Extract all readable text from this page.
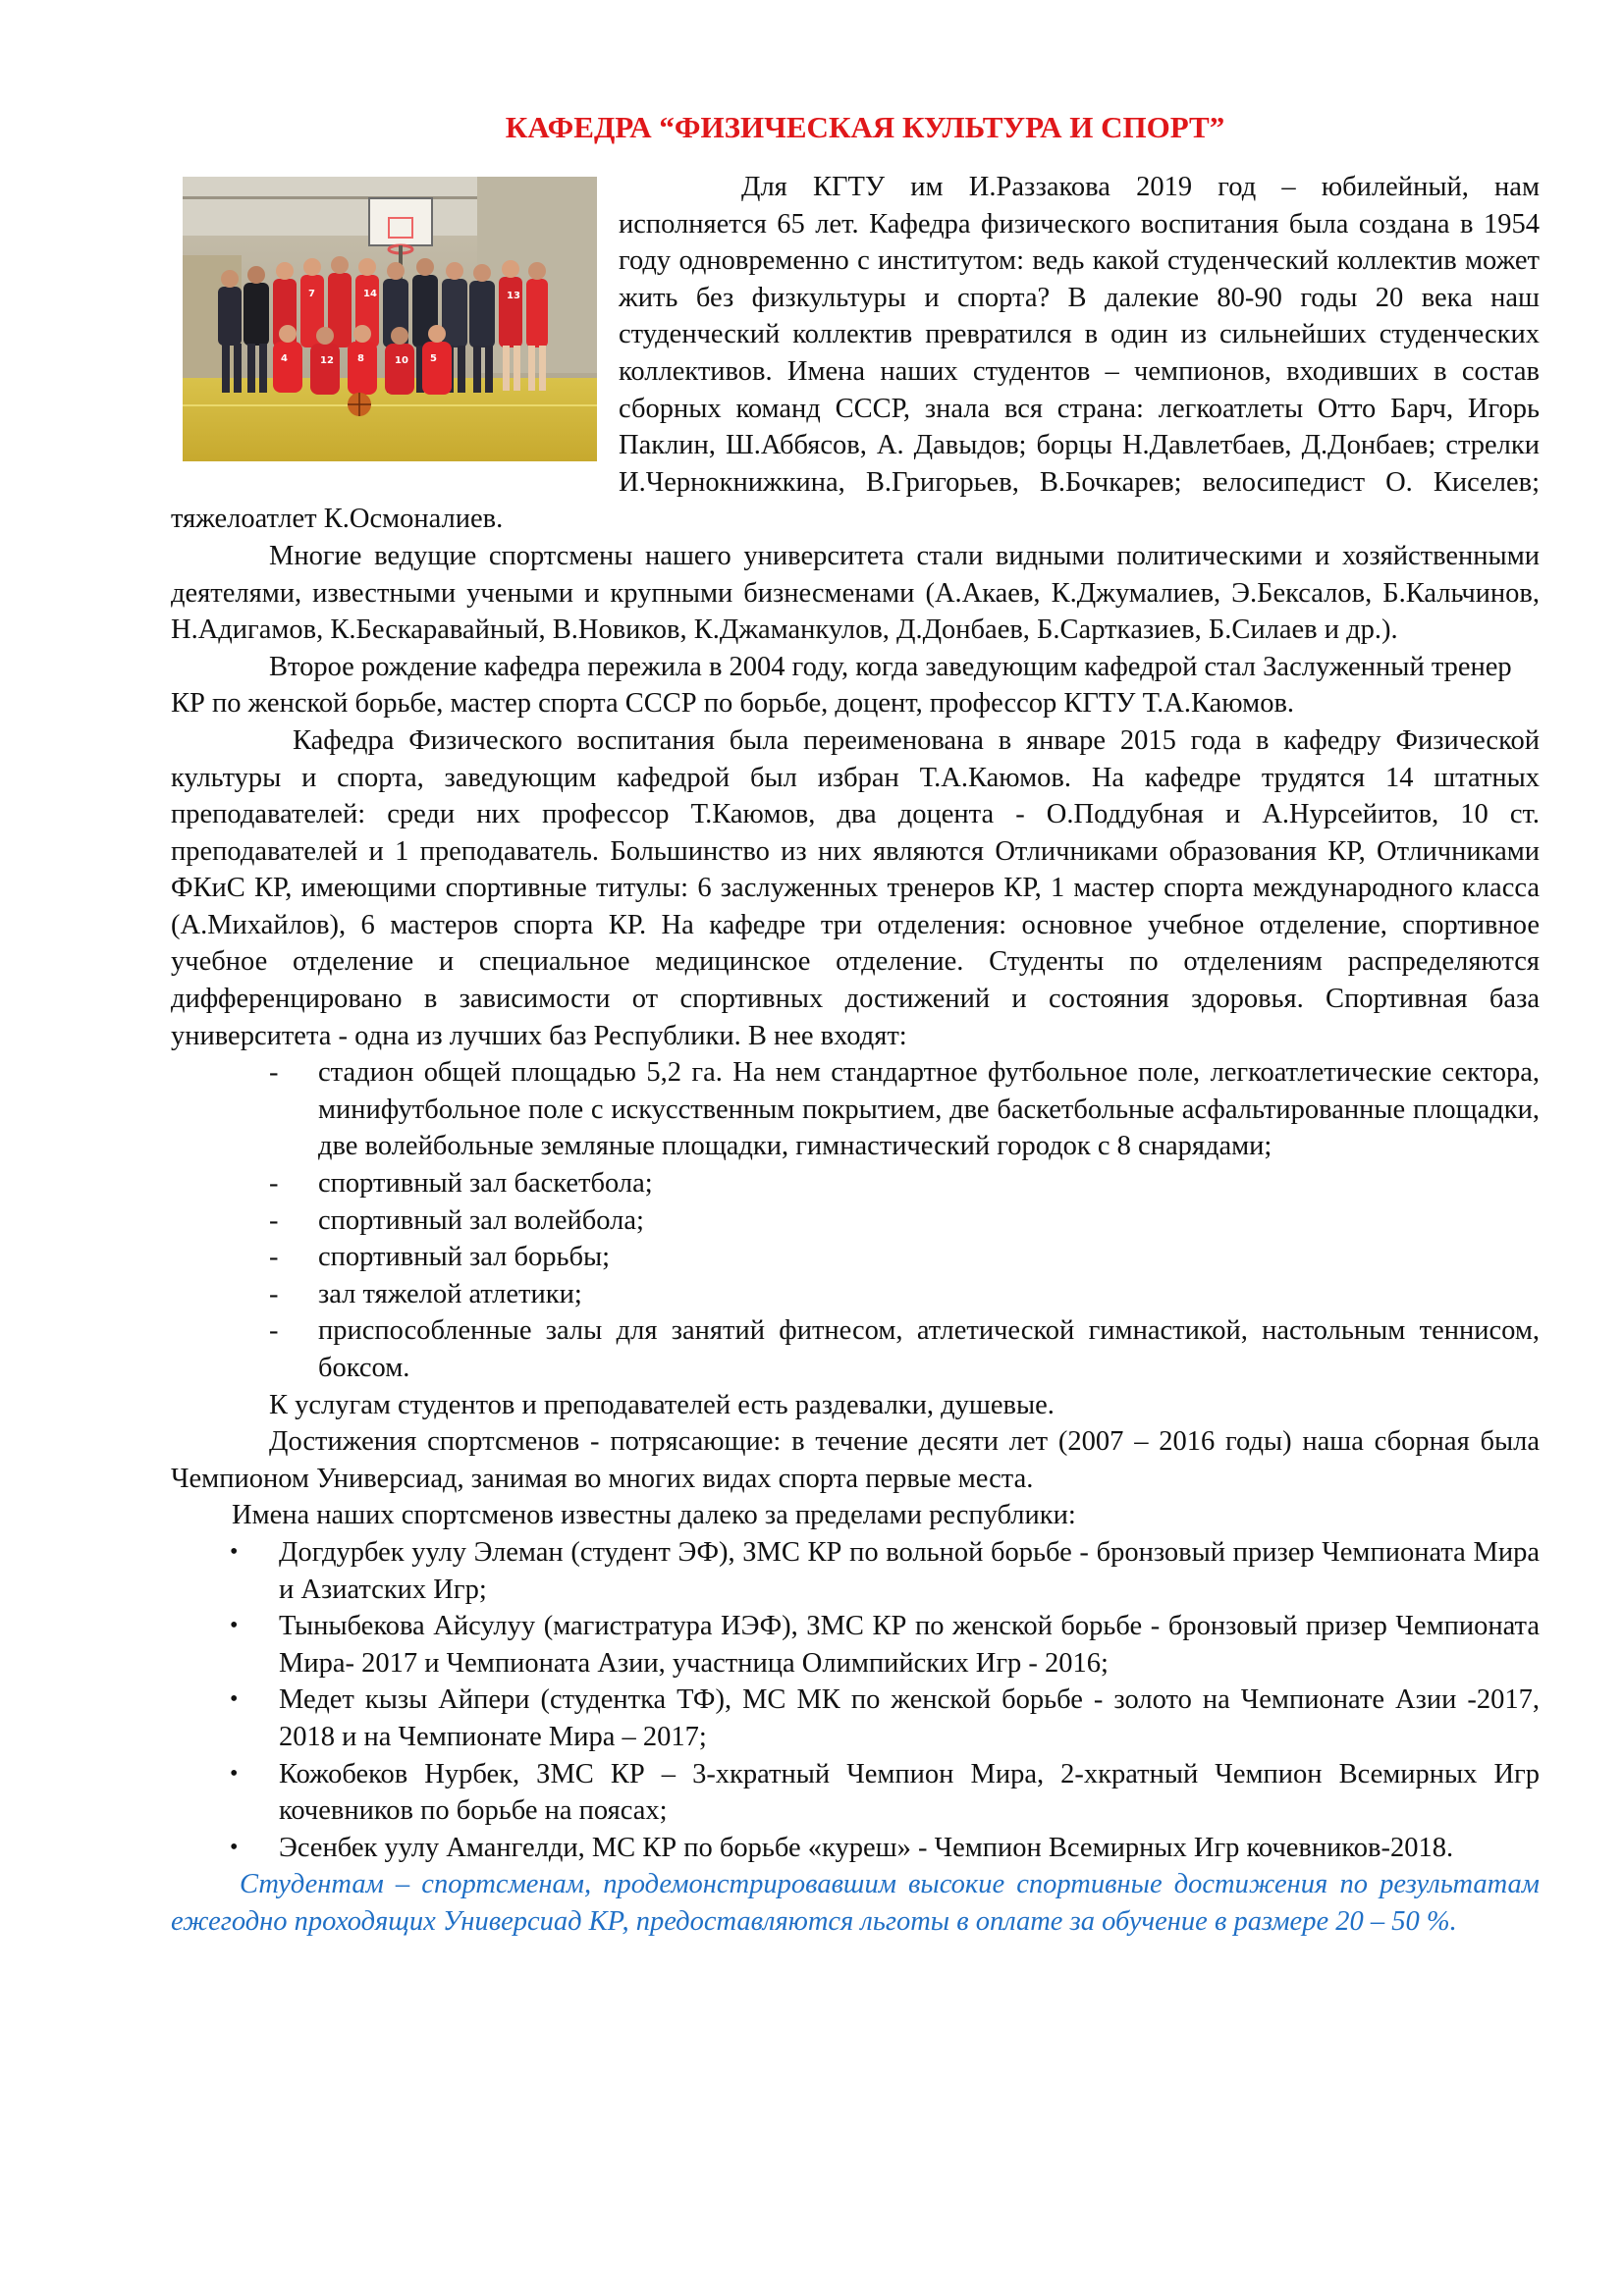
КАФЕДРА “ФИЗИЧЕСКАЯ КУЛЬТУРА И СПОРТ”
4	12 8	10 5
7	14	13

Для КГТУ им И.Раззакова 2019 год – юбилейный, нам исполняется 65 лет. Кафедра физического воспитания была создана в 1954 году одновременно с институтом: ведь какой студенческий коллектив может жить без физкультуры и спорта? В далекие 80-90 годы 20 века наш студенческий коллектив превратился в один из сильнейших студенческих коллективов. Имена наших студентов – чемпионов, входивших в состав сборных команд СССР, знала вся страна: легкоатлеты Отто Барч, Игорь Паклин, Ш.Аббясов, А. Давыдов; борцы Н.Давлетбаев, Д.Донбаев; стрелки И.Чернокнижкина, В.Григорьев, В.Бочкарев; велосипедист О. Киселев; тяжелоатлет К.Осмоналиев.

Многие ведущие спортсмены нашего университета стали видными политическими и хозяйственными деятелями, известными учеными и крупными бизнесменами (А.Акаев, К.Джумалиев, Э.Бексалов, Б.Кальчинов, Н.Адигамов, К.Бескаравайный, В.Новиков, К.Джаманкулов, Д.Донбаев, Б.Сарткaзиев, Б.Силаев и др.).

Второе рождение кафедра пережила в 2004 году, когда заведующим кафедрой стал Заслуженный тренер КР по женской борьбе, мастер спорта СССР по борьбе, доцент, профессор КГТУ Т.А.Каюмов.

Кафедра Физического воспитания была переименована в январе 2015 года в кафедру Физической культуры и спорта, заведующим кафедрой был избран Т.А.Каюмов. На кафедре трудятся 14 штатных преподавателей: среди них профессор Т.Каюмов, два доцента - О.Поддубная и А.Нурсейитов, 10 ст. преподавателей и 1 преподаватель. Большинство из них являются Отличниками образования КР, Отличниками ФКиС КР, имеющими спортивные титулы: 6 заслуженных тренеров КР, 1 мастер спорта международного класса (А.Михайлов), 6 мастеров спорта КР. На кафедре три отделения: основное учебное отделение, спортивное учебное отделение и специальное медицинское отделение. Студенты по отделениям распределяются дифференцировано в зависимости от спортивных достижений и состояния здоровья. Спортивная база университета - одна из лучших баз Республики. В нее входят:

- стадион общей площадью 5,2 га. На нем стандартное футбольное поле, легкоатлетические сектора, минифутбольное поле с искусственным покрытием, две баскетбольные асфальтированные площадки, две волейбольные земляные площадки, гимнастический городок с 8 снарядами;
- спортивный зал баскетбола;
- спортивный зал волейбола;
- спортивный зал борьбы;
- зал тяжелой атлетики;
- приспособленные залы для занятий фитнесом, атлетической гимнастикой, настольным теннисом, боксом.

К услугам студентов и преподавателей есть раздевалки, душевые.

Достижения спортсменов - потрясающие: в течение десяти лет (2007 – 2016 годы) наша сборная была Чемпионом Универсиад, занимая во многих видах спорта первые места.

Имена наших спортсменов известны далеко за пределами республики:

• Догдурбек уулу Элеман (студент ЭФ), ЗМС КР по вольной борьбе - бронзовый призер Чемпионата Мира и Азиатских Игр;
• Тыныбекова Айсулуу (магистратура ИЭФ), ЗМС КР по женской борьбе - бронзовый призер Чемпионата Мира- 2017 и Чемпионата Азии, участница Олимпийских Игр - 2016;
• Медет кызы Айпери (студентка ТФ), МС МК по женской борьбе - золото на Чемпионате Азии -2017, 2018 и на Чемпионате Мира – 2017;
• Кожобеков Нурбек, ЗМС КР – 3-хкратный Чемпион Мира, 2-хкратный Чемпион Всемирных Игр кочевников по борьбе на поясах;
• Эсенбек уулу Амангелди, МС КР по борьбе «куреш» - Чемпион Всемирных Игр кочевников-2018.

Студентам – спортсменам, продемонстрировавшим высокие спортивные достижения по результатам ежегодно проходящих Универсиад КР, предоставляются льготы в оплате за обучение в размере 20 – 50 %.
